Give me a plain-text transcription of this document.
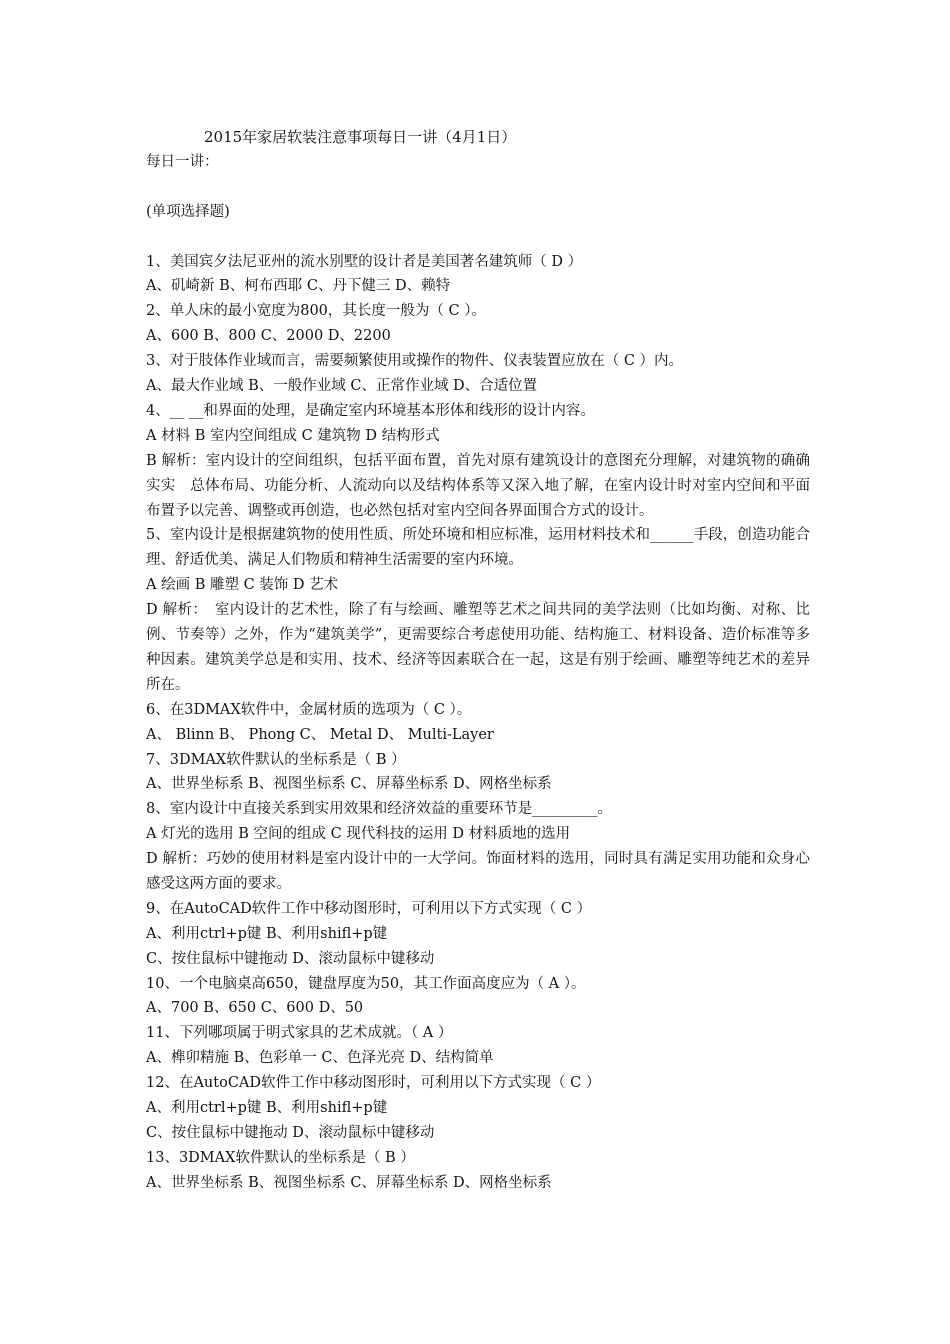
2015年家居软装注意事项每日一讲（4月1日）
每日一讲：
(单项选择题)
1、美国宾夕法尼亚州的流水别墅的设计者是美国著名建筑师（ D ）
A、矶崎新 B、柯布西耶 C、丹下健三 D、赖特
2、单人床的最小宽度为800，其长度一般为（ C ）。
A、600 B、800 C、2000 D、2200
3、对于肢体作业域而言，需要频繁使用或操作的物件、仪表装置应放在（ C ）内。
A、最大作业域 B、一般作业域 C、正常作业域 D、合适位置
4、__ __和界面的处理，是确定室内环境基本形体和线形的设计内容。
A 材料 B 室内空间组成 C 建筑物 D 结构形式
B 解析：室内设计的空间组织，包括平面布置，首先对原有建筑设计的意图充分理解，对建筑物的确确实实　总体布局、功能分析、人流动向以及结构体系等又深入地了解，在室内设计时对室内空间和平面布置予以完善、调整或再创造，也必然包括对室内空间各界面围合方式的设计。
5、室内设计是根据建筑物的使用性质、所处环境和相应标准，运用材料技术和______手段，创造功能合理、舒适优美、满足人们物质和精神生活需要的室内环境。
A 绘画 B 雕塑 C 装饰 D 艺术
D 解析：　室内设计的艺术性，除了有与绘画、雕塑等艺术之间共同的美学法则（比如均衡、对称、比例、节奏等）之外，作为“建筑美学”，更需要综合考虑使用功能、结构施工、材料设备、造价标准等多种因素。建筑美学总是和实用、技术、经济等因素联合在一起，这是有别于绘画、雕塑等纯艺术的差异所在。
6、在3DMAX软件中，金属材质的选项为（ C ）。
A、 Blinn B、 Phong C、 Metal D、 Multi-Layer
7、3DMAX软件默认的坐标系是（ B ）
A、世界坐标系 B、视图坐标系 C、屏幕坐标系 D、网格坐标系
8、室内设计中直接关系到实用效果和经济效益的重要环节是_________。
A 灯光的选用 B 空间的组成 C 现代科技的运用 D 材料质地的选用
D 解析：巧妙的使用材料是室内设计中的一大学问。饰面材料的选用，同时具有满足实用功能和众身心感受这两方面的要求。
9、在AutoCAD软件工作中移动图形时，可利用以下方式实现（ C ）
A、利用ctrl+p键 B、利用shifl+p键
C、按住鼠标中键拖动 D、滚动鼠标中键移动
10、一个电脑桌高650，键盘厚度为50，其工作面高度应为（ A ）。
A、700 B、650 C、600 D、50
11、下列哪项属于明式家具的艺术成就。（ A ）
A、榫卯精施 B、色彩单一 C、色泽光亮 D、结构简单
12、在AutoCAD软件工作中移动图形时，可利用以下方式实现（ C ）
A、利用ctrl+p键 B、利用shifl+p键
C、按住鼠标中键拖动 D、滚动鼠标中键移动
13、3DMAX软件默认的坐标系是（ B ）
A、世界坐标系 B、视图坐标系 C、屏幕坐标系 D、网格坐标系
